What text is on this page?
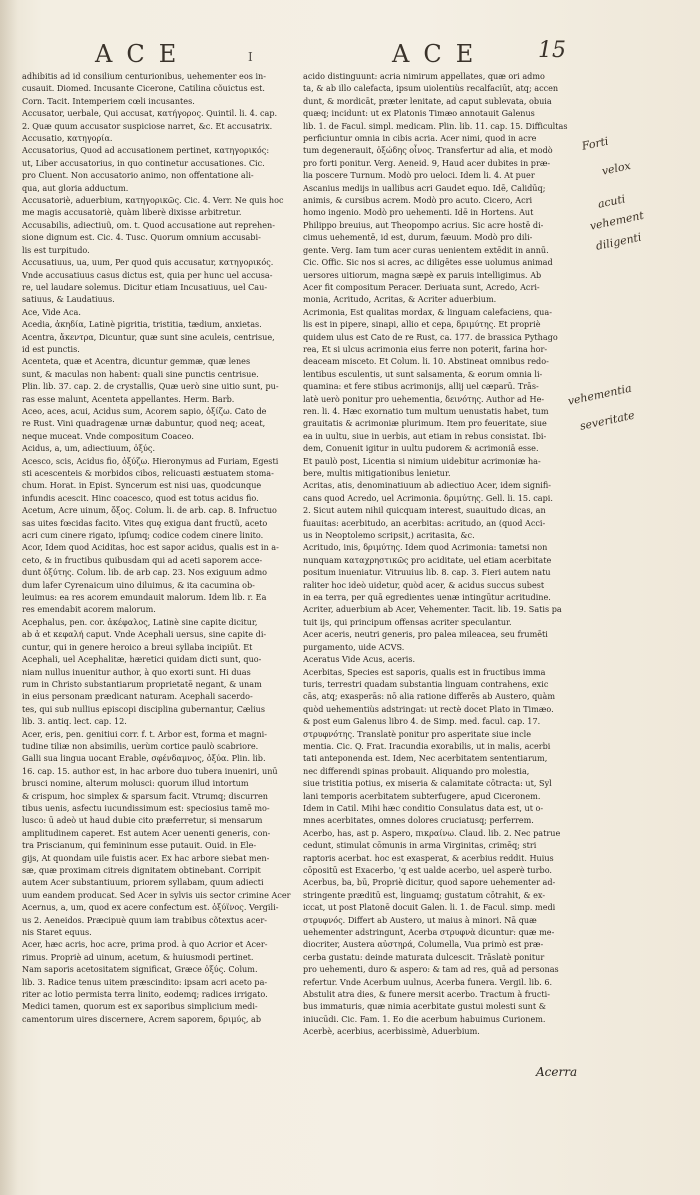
ACE	I	ACE 15
adhibitis ad id consilium centurionibus, uehementer eos in-
cusauit. Diomed. Incusante Cicerone, Catilina cõuictus est.
Corn. Tacit. Intemperiem cœli incusantes.
Accusator, uerbale, Qui accusat, κατήγορος. Quintil. li. 4. cap.
2. Quæ quum accusator suspiciose narret, &c. Et accusatrix.
Accusatio, κατηγορία.
Accusatorius, Quod ad accusationem pertinet, κατηγορικός:
ut, Liber accusatorius, in quo continetur accusationes. Cic.
pro Cluent. Non accusatorio animo, non offentatione ali-
qua, aut gloria adductum.
Accusatoriè, aduerbium, κατηγορικῶς. Cic. 4. Verr. Ne quis hoc
me magis accusatoriè, quàm liberè dixisse arbitretur.
Accusabilis, adiectiuũ, om. t. Quod accusatione aut reprehen-
sione dignum est. Cic. 4. Tusc. Quorum omnium accusabi-
lis est turpitudo.
Accusatiuus, ua, uum, Per quod quis accusatur, κατηγορικός.
Vnde accusatiuus casus dictus est, quia per hunc uel accusa-
re, uel laudare solemus. Dicitur etiam Incusatiuus, uel Cau-
satiuus, & Laudatiuus.
Ace, Vide Aca.
Acedia, ἀκηδία, Latinè pigritia, tristitia, tædium, anxietas.
Acentra, ἄκεντρα, Dicuntur, quæ sunt sine aculeis, centrisue,
id est punctis.
Acenteta, quæ et Acentra, dicuntur gemmæ, quæ lenes
sunt, & maculas non habent: quali sine punctis centrisue.
Plin. lib. 37. cap. 2. de crystallis, Quæ uerò sine uitio sunt, pu-
ras esse malunt, Acenteta appellantes. Herm. Barb.
Aceo, aces, acui, Acidus sum, Acorem sapio, ὀξίζω. Cato de
re Rust. Vini quadragenæ urnæ dabuntur, quod neq; aceat,
neque muceat. Vnde compositum Coaceo.
Acidus, a, um, adiectiuum, ὀξύς.
Acesco, scis, Acidus fio, ὀξύζω. Hieronymus ad Furiam, Egesti
sti acescenteis & morbidos cibos, relicuasti æstuatem stoma-
chum. Horat. in Epist. Syncerum est nisi uas, quodcunque
infundis acescit. Hinc coacesco, quod est totus acidus fio.
Acetum, Acre uinum, ὄξος. Colum. li. de arb. cap. 8. Infructuo
sas uites fœcidas facito. Vites quę exigua dant fructũ, aceto
acri cum cinere rigato, ipſumq; codice codem cinere linito.
Acor, Idem quod Aciditas, hoc est sapor acidus, qualis est in a-
ceto, & in fructibus quibusdam qui ad aceti saporem acce-
dunt ὀξύτης. Colum. lib. de arb cap. 23. Nos exiguum admo
dum lafer Cyrenaicum uino diluimus, & ita cacumina ob-
leuimus: ea res acorem emundauit malorum. Idem lib. r. Ea
res emendabit acorem malorum.
Acephalus, pen. cor. ἀκέφαλος, Latinè sine capite dicitur,
ab ἀ et κεφαλή caput. Vnde Acephali uersus, sine capite di-
cuntur, qui in genere heroico a breui syllaba incipiūt. Et
Acephali, uel Acephalitæ, hæretici quidam dicti sunt, quo-
niam nullus inuenitur author, à quo exorti sunt. Hi duas
rum in Christo substantiarum proprietatē negant, & unam
in eius personam prædicant naturam. Acephali sacerdo-
tes, qui sub nullius episcopi disciplina gubernantur, Cælius
lib. 3. antiq. lect. cap. 12.
Acer, eris, pen. genitiui corr. f. t. Arbor est, forma et magni-
tudine tiliæ non absimilis, uerùm cortice paulò scabriore.
Galli sua lingua uocant Erable, σφένδαμνος, ὀξύα. Plin. lib.
16. cap. 15. author est, in hac arbore duo tubera inueniri, unū
brusci nomine, alterum molusci: quorum illud intortum
& crispum, hoc simplex & sparsum facit. Vtrumq; discurren
tibus uenis, asfectu iucundissimum est: speciosius tamē mo-
lusco: ū adeò ut haud dubie cito præferretur, si mensarum
amplitudinem caperet. Est autem Acer uenenti generis, con-
tra Priscianum, qui femininum esse putauit. Ouid. in Ele-
gijs, At quondam uile fuistis acer. Ex hac arbore siebat men-
sæ, quæ proximam citreis dignitatem obtinebant. Corripit
autem Acer substantiuum, priorem syllabam, quum adiecti
uum eandem producat. Sed Acer in sylvis uis sector crimine Acer
Acernus, a, um, quod ex acere confectum est. ὀξύϊνος. Vergili-
us 2. Aeneidos. Præcipuè quum iam trabibus cõtextus acer-
nis Staret equus.
Acer, hæc acris, hoc acre, prima prod. à quo Acrior et Acer-
rimus. Propriè ad uinum, acetum, & huiusmodi pertinet.
Nam saporis acetositatem significat, Græce ὀξύς. Colum.
lib. 3. Radice tenus uitem præscindito: ipsam acri aceto pa-
riter ac lotio permista terra linito, eodemq; radices irrigato.
Medici tamen, quorum est ex saporibus simplicium medi-
camentorum uires discernere, Acrem saporem, δριμύς, ab
acido distinguunt: acria nimirum appellates, quæ ori admo
ta, & ab illo calefacta, ipsum uiolentiùs recalfaciūt, atq; accen
dunt, & mordicāt, præter lenitate, ad caput sublevata, obuia
quæq; incidunt: ut ex Platonis Timæo annotauit Galenus
lib. 1. de Facul. simpl. medicam. Plin. lib. 11. cap. 15. Difficultas
perficiuntur omnia in cibis acria. Acer nimi, quod in acre
tum degenerauit, ὀξώδης οἶνος. Transfertur ad alia, et modò
pro forti ponitur. Verg. Aeneid. 9, Haud acer dubites in præ-
lia poscere Turnum. Modò pro ueloci. Idem li. 4. At puer
Ascanius medijs in uallibus acri Gaudet equo. Idē, Calidūq;
animis, & cursibus acrem. Modò pro acuto. Cicero, Acri
homo ingenio. Modò pro uehementi. Idē in Hortens. Aut
Philippo breuius, aut Theopompo acrius. Sic acre hostē di-
cimus uehementē, id est, durum, fæuum. Modò pro dili-
gente. Verg. Iam tum acer curas uenientem extēdit in annū.
Cic. Offic. Sic nos si acres, ac diligētes esse uolumus animad
uersores uitiorum, magna sæpè ex paruis intelligimus. Ab
Acer fit compositum Peracer. Deriuata sunt, Acredo, Acri-
monia, Acritudo, Acritas, & Acriter aduerbium.
Acrimonia, Est qualitas mordax, & linguam calefaciens, qua-
lis est in pipere, sinapi, allio et cepa, δριμύτης. Et propriè
quidem ulus est Cato de re Rust, ca. 177. de brassica Pythago
rea, Et si ulcus acrimonia eius ferre non poterit, farina hor-
deaceam misceto. Et Colum. li. 10. Abstineat omnibus redo-
lentibus esculentis, ut sunt salsamenta, & eorum omnia li-
quamina: et fere stibus acrimonijs, allij uel cæparū. Trās-
latè uerò ponitur pro uehementia, δεινότης. Author ad He-
ren. li. 4. Hæc exornatio tum multum uenustatis habet, tum
grauitatis & acrimoniæ plurimum. Item pro feueritate, siue
ea in uultu, siue in uerbis, aut etiam in rebus consistat. Ibi-
dem, Conuenit igitur in uultu pudorem & acrimoniā esse.
Et paulò post, Licentia si nimium uidebitur acrimoniæ ha-
bere, multis mitigationibus lenietur.
Acritas, atis, denominatiuum ab adiectiuo Acer, idem signifi-
cans quod Acredo, uel Acrimonia. δριμύτης. Gell. li. 15. capi.
2. Sicut autem nihil quicquam interest, suauitudo dicas, an
fuauitas: acerbitudo, an acerbitas: acritudo, an (quod Acci-
us in Neoptolemo scripsit,) acritasita, &c.
Acritudo, inis, δριμύτης. Idem quod Acrimonia: tametsi non
nunquam καταχρηστικῶς pro aciditate, uel etiam acerbitate
positum inueniatur. Vitruuius lib. 8. cap. 3. Fieri autem natu
raliter hoc ideò uidetur, quòd acer, & acidus succus subest
in ea terra, per quā egredientes uenæ intingūtur acritudine.
Acriter, aduerbium ab Acer, Vehementer. Tacit. lib. 19. Satis pa
tuit ijs, qui principum offensas acriter speculantur.
Acer aceris, neutri generis, pro palea mileacea, seu frumēti
purgamento, uide ACVS.
Aceratus Vide Acus, aceris.
Acerbitas, Species est saporis, qualis est in fructibus imma
turis, terrestri quadam substantia linguam contrahens, exic
cās, atq; exasperās: nō alia ratione differēs ab Austero, quàm
quòd uehementiùs adstringat: ut rectè docet Plato in Timæo.
& post eum Galenus libro 4. de Simp. med. facul. cap. 17.
στρυφνότης. Translatè ponitur pro asperitate siue incle
mentia. Cic. Q. Frat. Iracundia exorabilis, ut in malis, acerbi
tati anteponenda est. Idem, Nec acerbitatem sententiarum,
nec differendi spinas probauit. Aliquando pro molestia,
siue tristitia potius, ex miseria & calamitate cōtracta: ut, Syl
lani temporis acerbitatem subterfugere, apud Ciceronem.
Idem in Catil. Mihi hæc conditio Consulatus data est, ut o-
mnes acerbitates, omnes dolores cruciatusq; perferrem.
Acerbo, has, ast p. Aspero, πικραίνω. Claud. lib. 2. Nec patrue
cedunt, stimulat cōmunis in arma Virginitas, crimēq; stri
raptoris acerbat. hoc est exasperat, & acerbius reddit. Huius
cōpositū est Exacerbo, 'q est ualde acerbo, uel asperè turbo.
Acerbus, ba, bū, Propriè dicitur, quod sapore uehementer ad-
stringente præditū est, linguamq; gustatum cōtrahit, & ex-
iccat, ut post Platonē docuit Galen. li. 1. de Facul. simp. medi
στρυφνός. Differt ab Austero, ut maius à minori. Nā quæ
uehementer adstringunt, Acerba στρυφνὰ dicuntur: quæ me-
diocriter, Austera αὐστηρά, Columella, Vua primò est præ-
cerba gustatu: deinde maturata dulcescit. Trāslatè ponitur
pro uehementi, duro & aspero: & tam ad res, quā ad personas
refertur. Vnde Acerbum uulnus, Acerba funera. Vergil. lib. 6.
Abstulit atra dies, & funere mersit acerbo. Tractum à fructi-
bus immaturis, quæ nimia acerbitate gustui molesti sunt &
iniucūdi. Cic. Fam. 1. Eo die acerbum habuimus Curionem.
Acerbè, acerbius, acerbissimè, Aduerbium.
Forti
velox
acuti
vehement
diligenti
vehementia
severitate
Acerra
